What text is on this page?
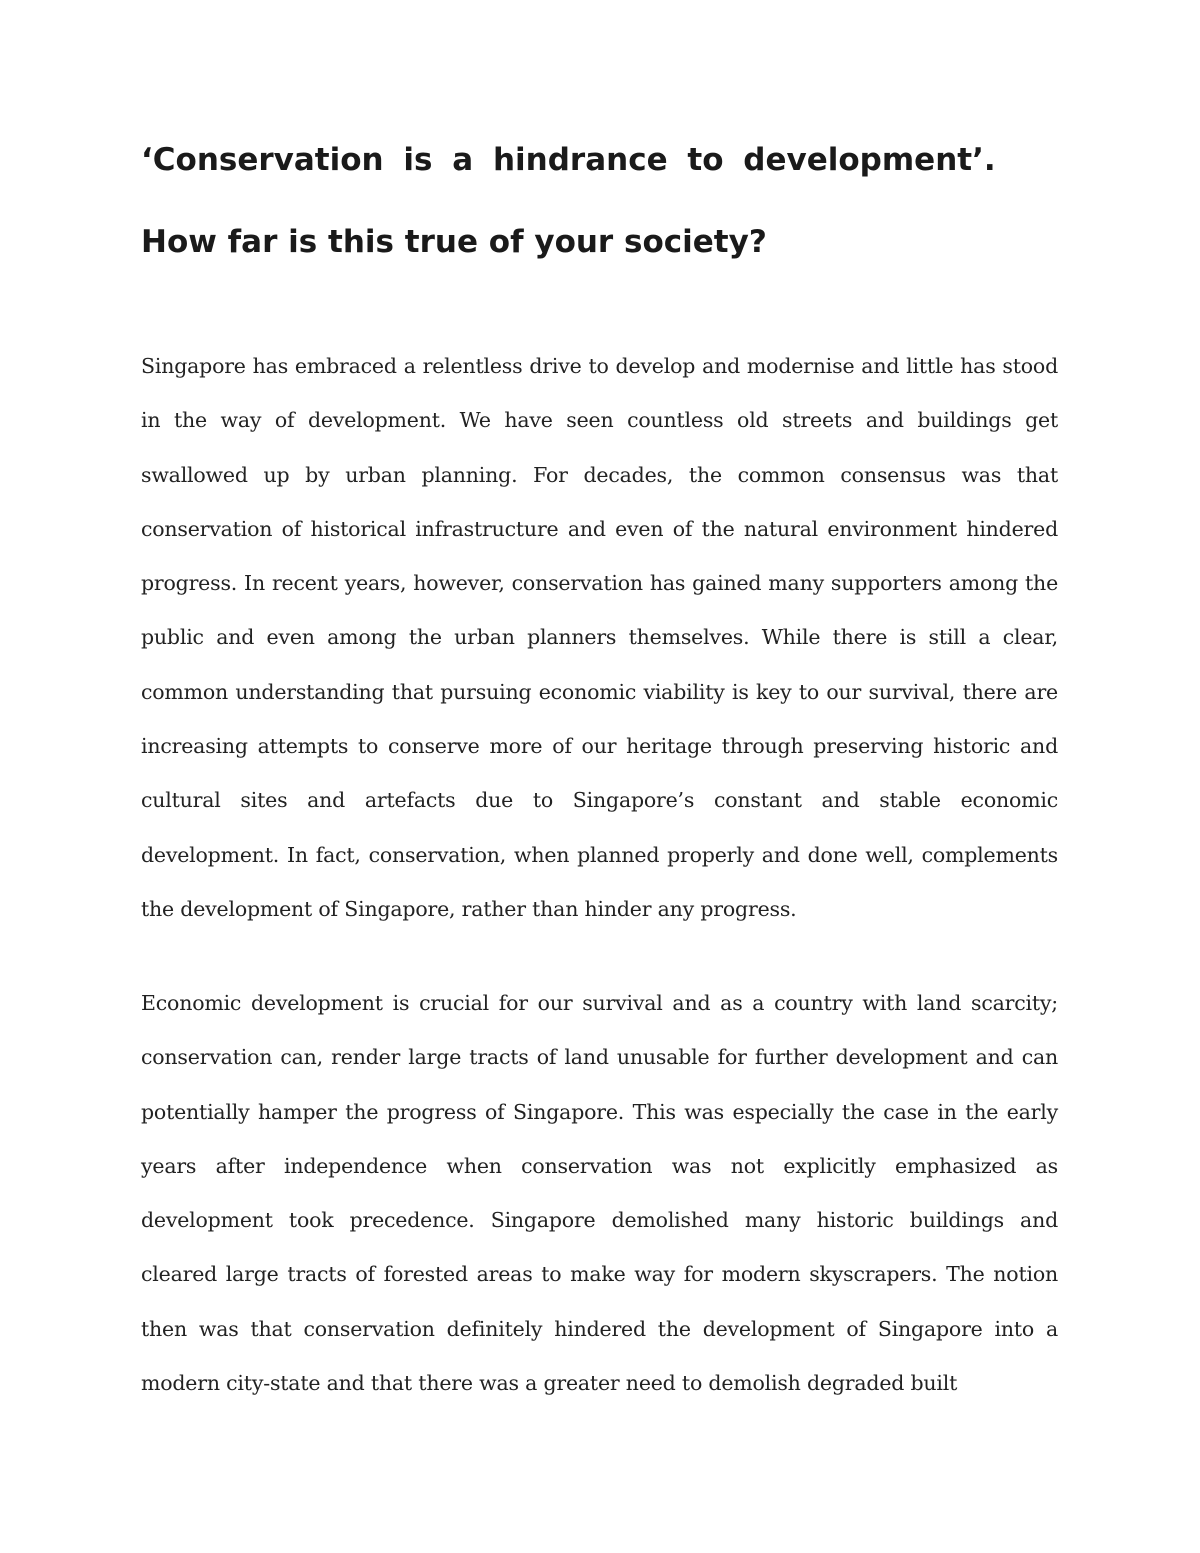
‘Conservation is a hindrance to development’.
How far is this true of your society?

Singapore has embraced a relentless drive to develop and modernise and little has stood in the way of development. We have seen countless old streets and buildings get swallowed up by urban planning. For decades, the common consensus was that conservation of historical infrastructure and even of the natural environment hindered progress. In recent years, however, conservation has gained many supporters among the public and even among the urban planners themselves. While there is still a clear, common understanding that pursuing economic viability is key to our survival, there are increasing attempts to conserve more of our heritage through preserving historic and cultural sites and artefacts due to Singapore’s constant and stable economic development. In fact, conservation, when planned properly and done well, complements the development of Singapore, rather than hinder any progress.

Economic development is crucial for our survival and as a country with land scarcity; conservation can, render large tracts of land unusable for further development and can potentially hamper the progress of Singapore. This was especially the case in the early years after independence when conservation was not explicitly emphasized as development took precedence. Singapore demolished many historic buildings and cleared large tracts of forested areas to make way for modern skyscrapers. The notion then was that conservation definitely hindered the development of Singapore into a modern city-state and that there was a greater need to demolish degraded built
